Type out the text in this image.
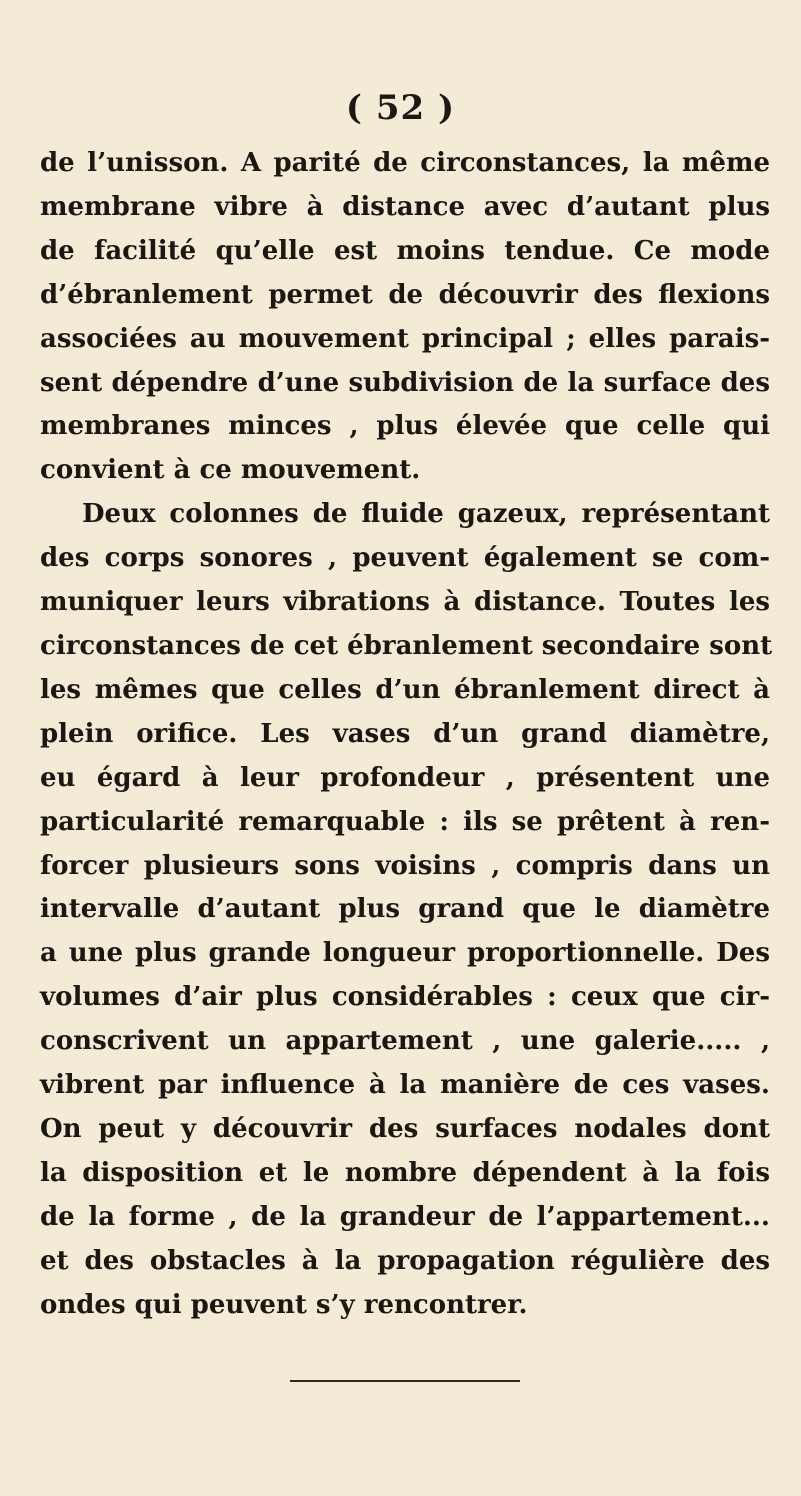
( 52 )
de l’unisson. A parité de circonstances, la même
membrane vibre à distance avec d’autant plus
de facilité qu’elle est moins tendue. Ce mode
d’ébranlement permet de découvrir des flexions
associées au mouvement principal ; elles parais-
sent dépendre d’une subdivision de la surface des
membranes minces , plus élevée que celle qui
convient à ce mouvement.
Deux colonnes de fluide gazeux, représentant
des corps sonores , peuvent également se com-
muniquer leurs vibrations à distance. Toutes les
circonstances de cet ébranlement secondaire sont
les mêmes que celles d’un ébranlement direct à
plein orifice. Les vases d’un grand diamètre,
eu égard à leur profondeur , présentent une
particularité remarquable : ils se prêtent à ren-
forcer plusieurs sons voisins , compris dans un
intervalle d’autant plus grand que le diamètre
a une plus grande longueur proportionnelle. Des
volumes d’air plus considérables : ceux que cir-
conscrivent un appartement , une galerie..... ,
vibrent par influence à la manière de ces vases.
On peut y découvrir des surfaces nodales dont
la disposition et le nombre dépendent à la fois
de la forme , de la grandeur de l’appartement...
et des obstacles à la propagation régulière des
ondes qui peuvent s’y rencontrer.
